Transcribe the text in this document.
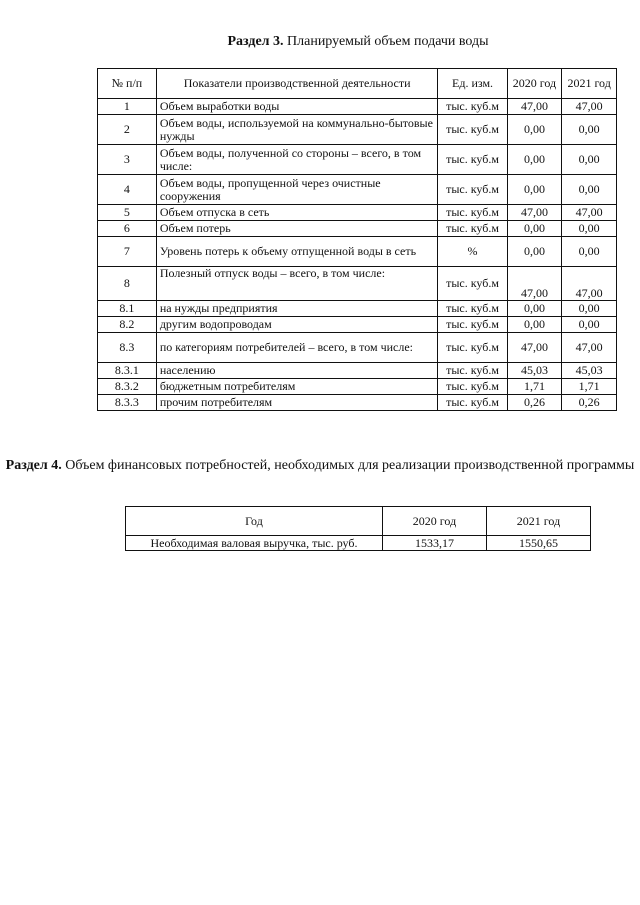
Раздел 3. Планируемый объем подачи воды
№ п/п	Показатели производственной деятельности	Ед. изм.	2020 год	2021 год
1	Объем выработки воды	тыс. куб.м	47,00	47,00
2	Объем воды, используемой на коммунально-бытовые нужды	тыс. куб.м	0,00	0,00
3	Объем воды, полученной со стороны – всего, в том числе:	тыс. куб.м	0,00	0,00
4	Объем воды, пропущенной через очистные сооружения	тыс. куб.м	0,00	0,00
5	Объем отпуска в сеть	тыс. куб.м	47,00	47,00
6	Объем потерь	тыс. куб.м	0,00	0,00
7	Уровень потерь к объему отпущенной воды в сеть	%	0,00	0,00
8	Полезный отпуск воды – всего, в том числе:	тыс. куб.м	47,00	47,00
8.1	на нужды предприятия	тыс. куб.м	0,00	0,00
8.2	другим водопроводам	тыс. куб.м	0,00	0,00
8.3	по категориям потребителей – всего, в том числе:	тыс. куб.м	47,00	47,00
8.3.1	населению	тыс. куб.м	45,03	45,03
8.3.2	бюджетным потребителям	тыс. куб.м	1,71	1,71
8.3.3	прочим потребителям	тыс. куб.м	0,26	0,26
Раздел 4. Объем финансовых потребностей, необходимых для реализации производственной программы
Год	2020 год	2021 год
Необходимая валовая выручка, тыс. руб.	1533,17	1550,65
